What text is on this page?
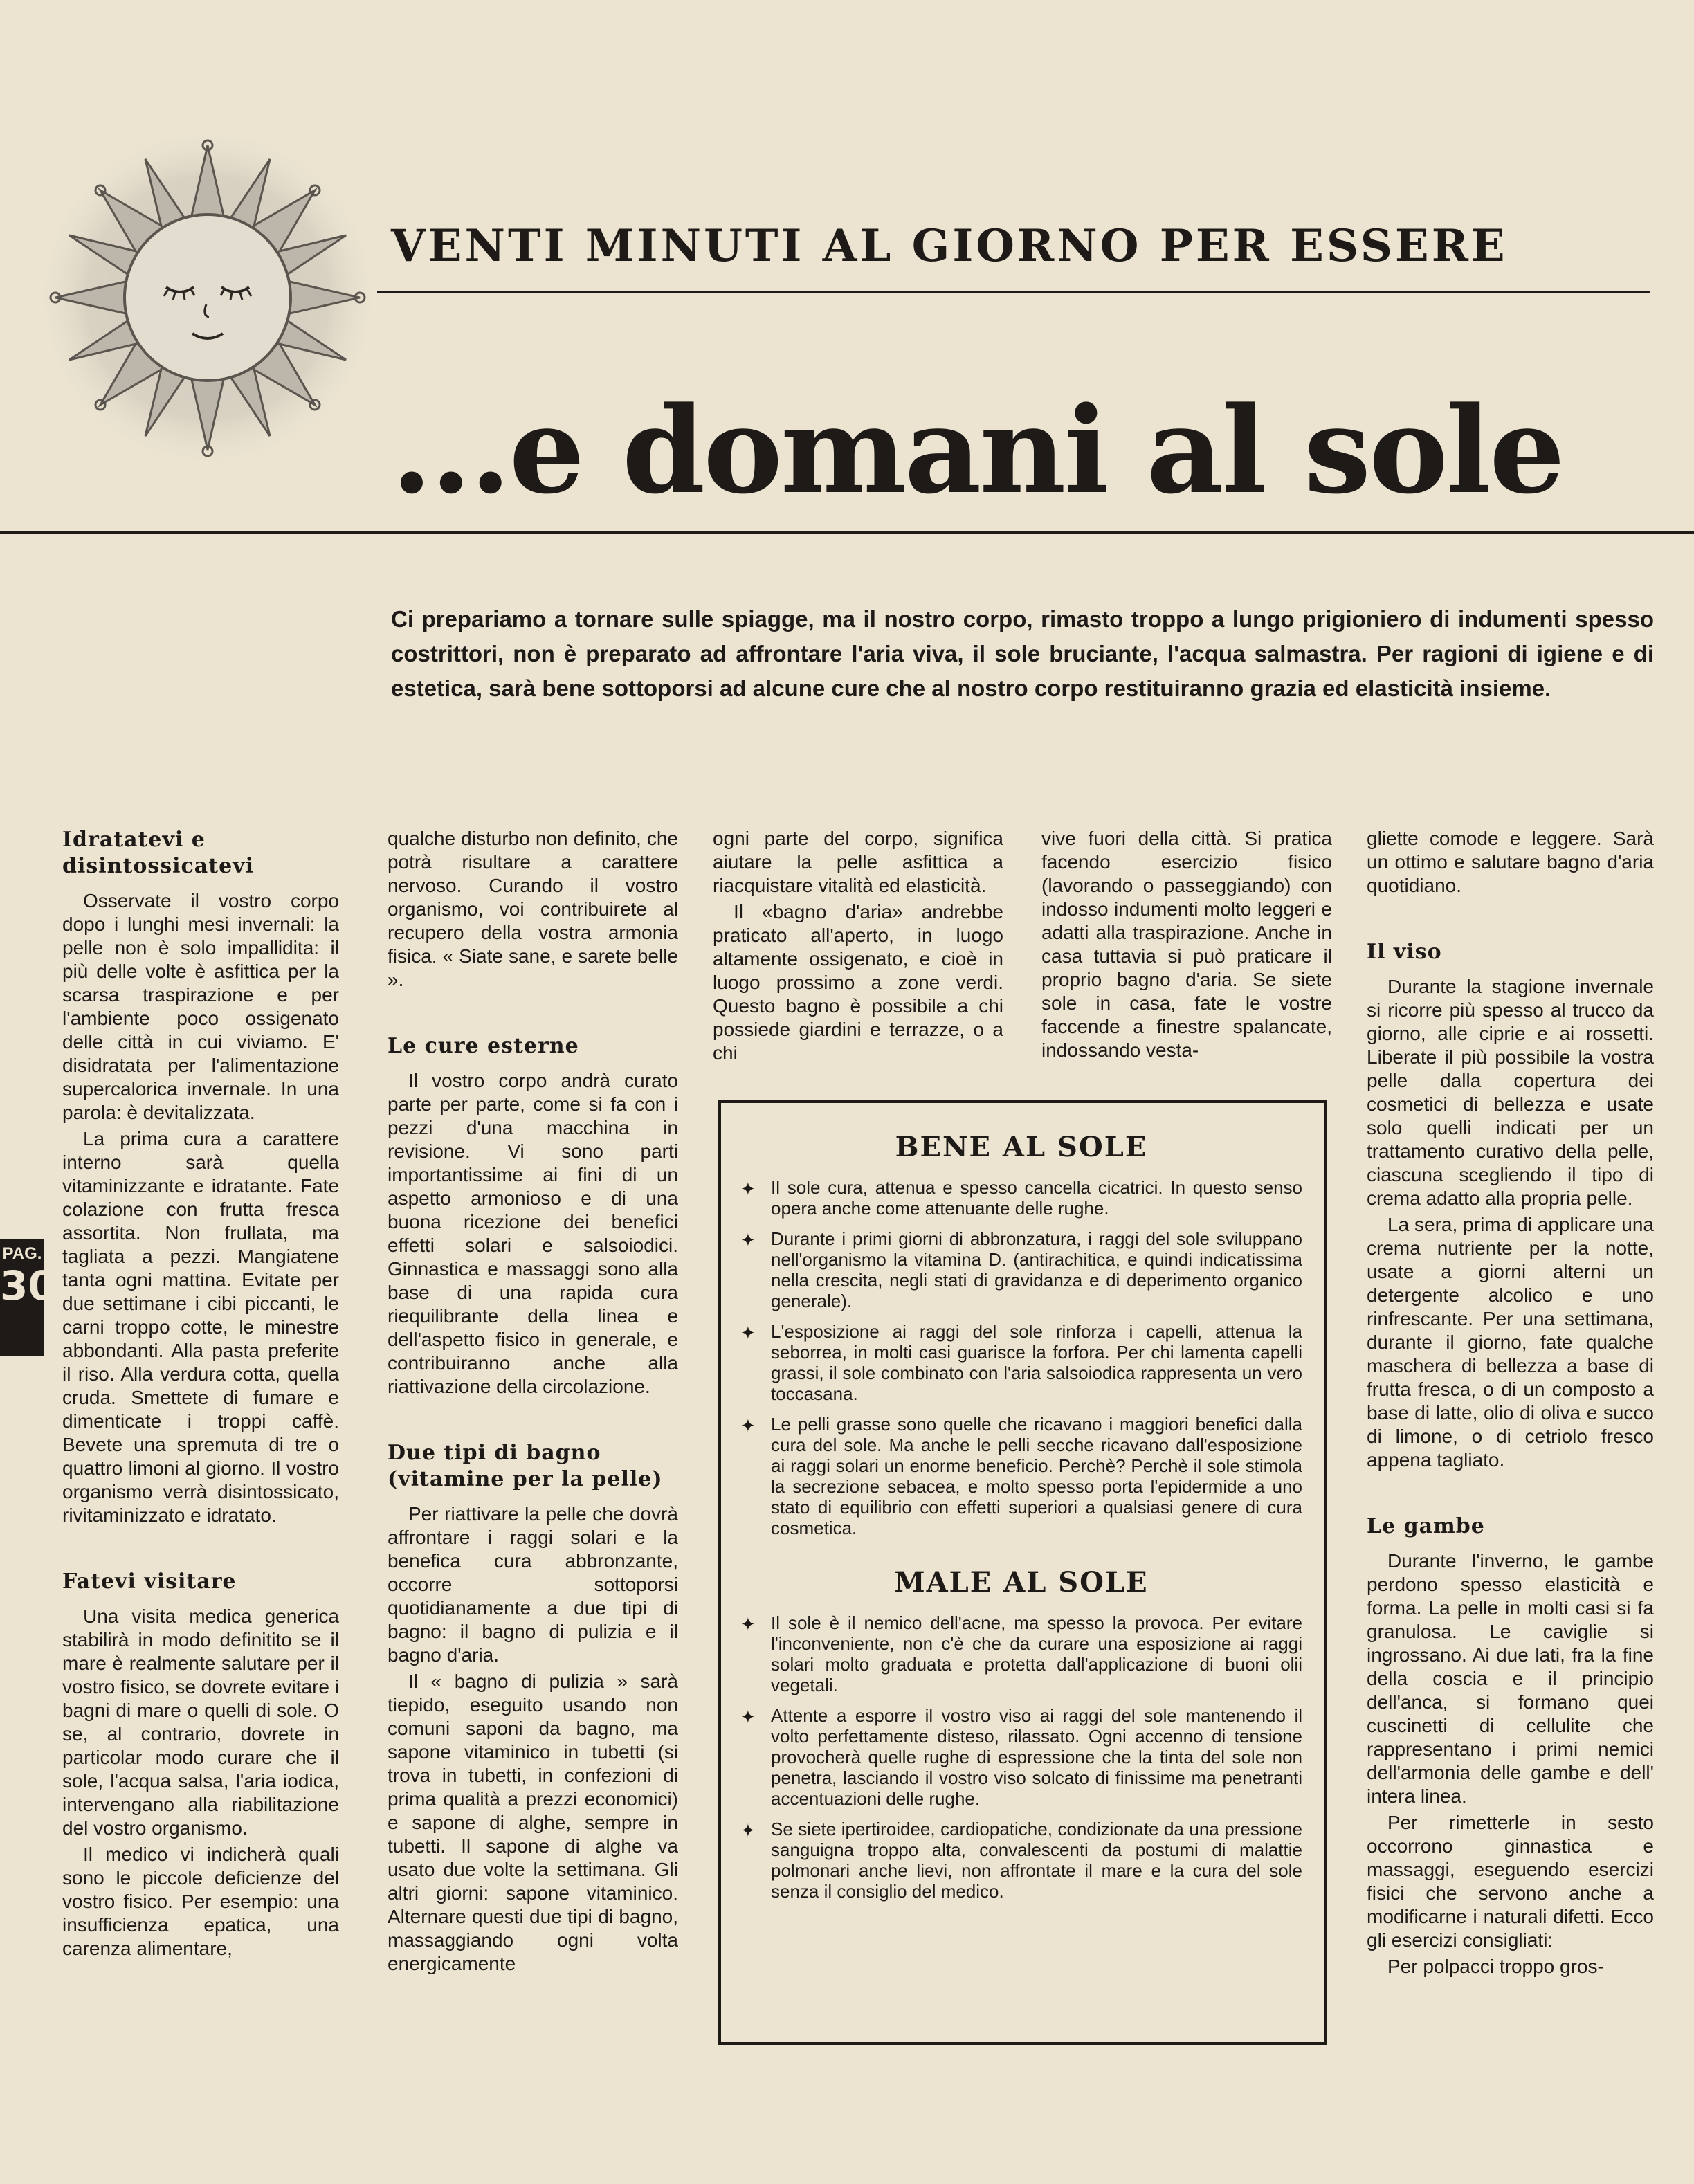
VENTI MINUTI AL GIORNO PER ESSERE
...e domani al sole

Ci prepariamo a tornare sulle spiagge, ma il nostro corpo, rimasto troppo a lungo prigioniero di indumenti spesso costrittori, non è preparato ad affrontare l'aria viva, il sole bruciante, l'acqua salmastra. Per ragioni di igiene e di estetica, sarà bene sottoporsi ad alcune cure che al nostro corpo restituiranno grazia ed elasticità insieme.

PAG.
30
Idratatevi e disintossicatevi

Osservate il vostro corpo dopo i lunghi mesi invernali: la pelle non è solo impallidita: il più delle volte è asfittica per la scarsa traspirazione e per l'ambiente poco ossigenato delle città in cui viviamo. E' disidratata per l'alimentazione supercalorica invernale. In una parola: è devitalizzata.

La prima cura a carattere interno sarà quella vitaminizzante e idratante. Fate colazione con frutta fresca assortita. Non frullata, ma tagliata a pezzi. Mangiatene tanta ogni mattina. Evitate per due settimane i cibi piccanti, le carni troppo cotte, le minestre abbondanti. Alla pasta preferite il riso. Alla verdura cotta, quella cruda. Smettete di fumare e dimenticate i troppi caffè. Bevete una spremuta di tre o quattro limoni al giorno. Il vostro organismo verrà disintossicato, rivitaminizzato e idratato.

Fatevi visitare

Una visita medica generica stabilirà in modo definitito se il mare è realmente salutare per il vostro fisico, se dovrete evitare i bagni di mare o quelli di sole. O se, al contrario, dovrete in particolar modo curare che il sole, l'acqua salsa, l'aria iodica, intervengano alla riabilitazione del vostro organismo.

Il medico vi indicherà quali sono le piccole deficienze del vostro fisico. Per esempio: una insufficienza epatica, una carenza alimentare,

qualche disturbo non definito, che potrà risultare a carattere nervoso. Curando il vostro organismo, voi contribuirete al recupero della vostra armonia fisica. « Siate sane, e sarete belle ».

Le cure esterne

Il vostro corpo andrà curato parte per parte, come si fa con i pezzi d'una macchina in revisione. Vi sono parti importantissime ai fini di un aspetto armonioso e di una buona ricezione dei benefici effetti solari e salsoiodici. Ginnastica e massaggi sono alla base di una rapida cura riequilibrante della linea e dell'aspetto fisico in generale, e contribuiranno anche alla riattivazione della circolazione.

Due tipi di bagno (vitamine per la pelle)

Per riattivare la pelle che dovrà affrontare i raggi solari e la benefica cura abbronzante, occorre sottoporsi quotidianamente a due tipi di bagno: il bagno di pulizia e il bagno d'aria.

Il « bagno di pulizia » sarà tiepido, eseguito usando non comuni saponi da bagno, ma sapone vitaminico in tubetti (si trova in tubetti, in confezioni di prima qualità a prezzi economici) e sapone di alghe, sempre in tubetti. Il sapone di alghe va usato due volte la settimana. Gli altri giorni: sapone vitaminico. Alternare questi due tipi di bagno, massaggiando ogni volta energicamente

ogni parte del corpo, significa aiutare la pelle asfittica a riacquistare vitalità ed elasticità.

Il «bagno d'aria» andrebbe praticato all'aperto, in luogo altamente ossigenato, e cioè in luogo prossimo a zone verdi. Questo bagno è possibile a chi possiede giardini e terrazze, o a chi

vive fuori della città. Si pratica facendo esercizio fisico (lavorando o passeggiando) con indosso indumenti molto leggeri e adatti alla traspirazione. Anche in casa tuttavia si può praticare il proprio bagno d'aria. Se siete sole in casa, fate le vostre faccende a finestre spalancate, indossando vesta-

gliette comode e leggere. Sarà un ottimo e salutare bagno d'aria quotidiano.

Il viso

Durante la stagione invernale si ricorre più spesso al trucco da giorno, alle ciprie e ai rossetti. Liberate il più possibile la vostra pelle dalla copertura dei cosmetici di bellezza e usate solo quelli indicati per un trattamento curativo della pelle, ciascuna scegliendo il tipo di crema adatto alla propria pelle.

La sera, prima di applicare una crema nutriente per la notte, usate a giorni alterni un detergente alcolico e uno rinfrescante. Per una settimana, durante il giorno, fate qualche maschera di bellezza a base di frutta fresca, o di un composto a base di latte, olio di oliva e succo di limone, o di cetriolo fresco appena tagliato.

Le gambe

Durante l'inverno, le gambe perdono spesso elasticità e forma. La pelle in molti casi si fa granulosa. Le caviglie si ingrossano. Ai due lati, fra la fine della coscia e il principio dell'anca, si formano quei cuscinetti di cellulite che rappresentano i primi nemici dell'armonia delle gambe e dell' intera linea.

Per rimetterle in sesto occorrono ginnastica e massaggi, eseguendo esercizi fisici che servono anche a modificarne i naturali difetti. Ecco gli esercizi consigliati:

Per polpacci troppo gros-

BENE AL SOLE
✦ Il sole cura, attenua e spesso cancella cicatrici. In questo senso opera anche come attenuante delle rughe.
✦ Durante i primi giorni di abbronzatura, i raggi del sole sviluppano nell'organismo la vitamina D. (antirachitica, e quindi indicatissima nella crescita, negli stati di gravidanza e di deperimento organico generale).
✦ L'esposizione ai raggi del sole rinforza i capelli, attenua la seborrea, in molti casi guarisce la forfora. Per chi lamenta capelli grassi, il sole combinato con l'aria salsoiodica rappresenta un vero toccasana.
✦ Le pelli grasse sono quelle che ricavano i maggiori benefici dalla cura del sole. Ma anche le pelli secche ricavano dall'esposizione ai raggi solari un enorme beneficio. Perchè? Perchè il sole stimola la secrezione sebacea, e molto spesso porta l'epidermide a uno stato di equilibrio con effetti superiori a qualsiasi genere di cura cosmetica.
MALE AL SOLE
✦ Il sole è il nemico dell'acne, ma spesso la provoca. Per evitare l'inconveniente, non c'è che da curare una esposizione ai raggi solari molto graduata e protetta dall'applicazione di buoni olii vegetali.
✦ Attente a esporre il vostro viso ai raggi del sole mantenendo il volto perfettamente disteso, rilassato. Ogni accenno di tensione provocherà quelle rughe di espressione che la tinta del sole non penetra, lasciando il vostro viso solcato di finissime ma penetranti accentuazioni delle rughe.
✦ Se siete ipertiroidee, cardiopatiche, condizionate da una pressione sanguigna troppo alta, convalescenti da postumi di malattie polmonari anche lievi, non affrontate il mare e la cura del sole senza il consiglio del medico.
